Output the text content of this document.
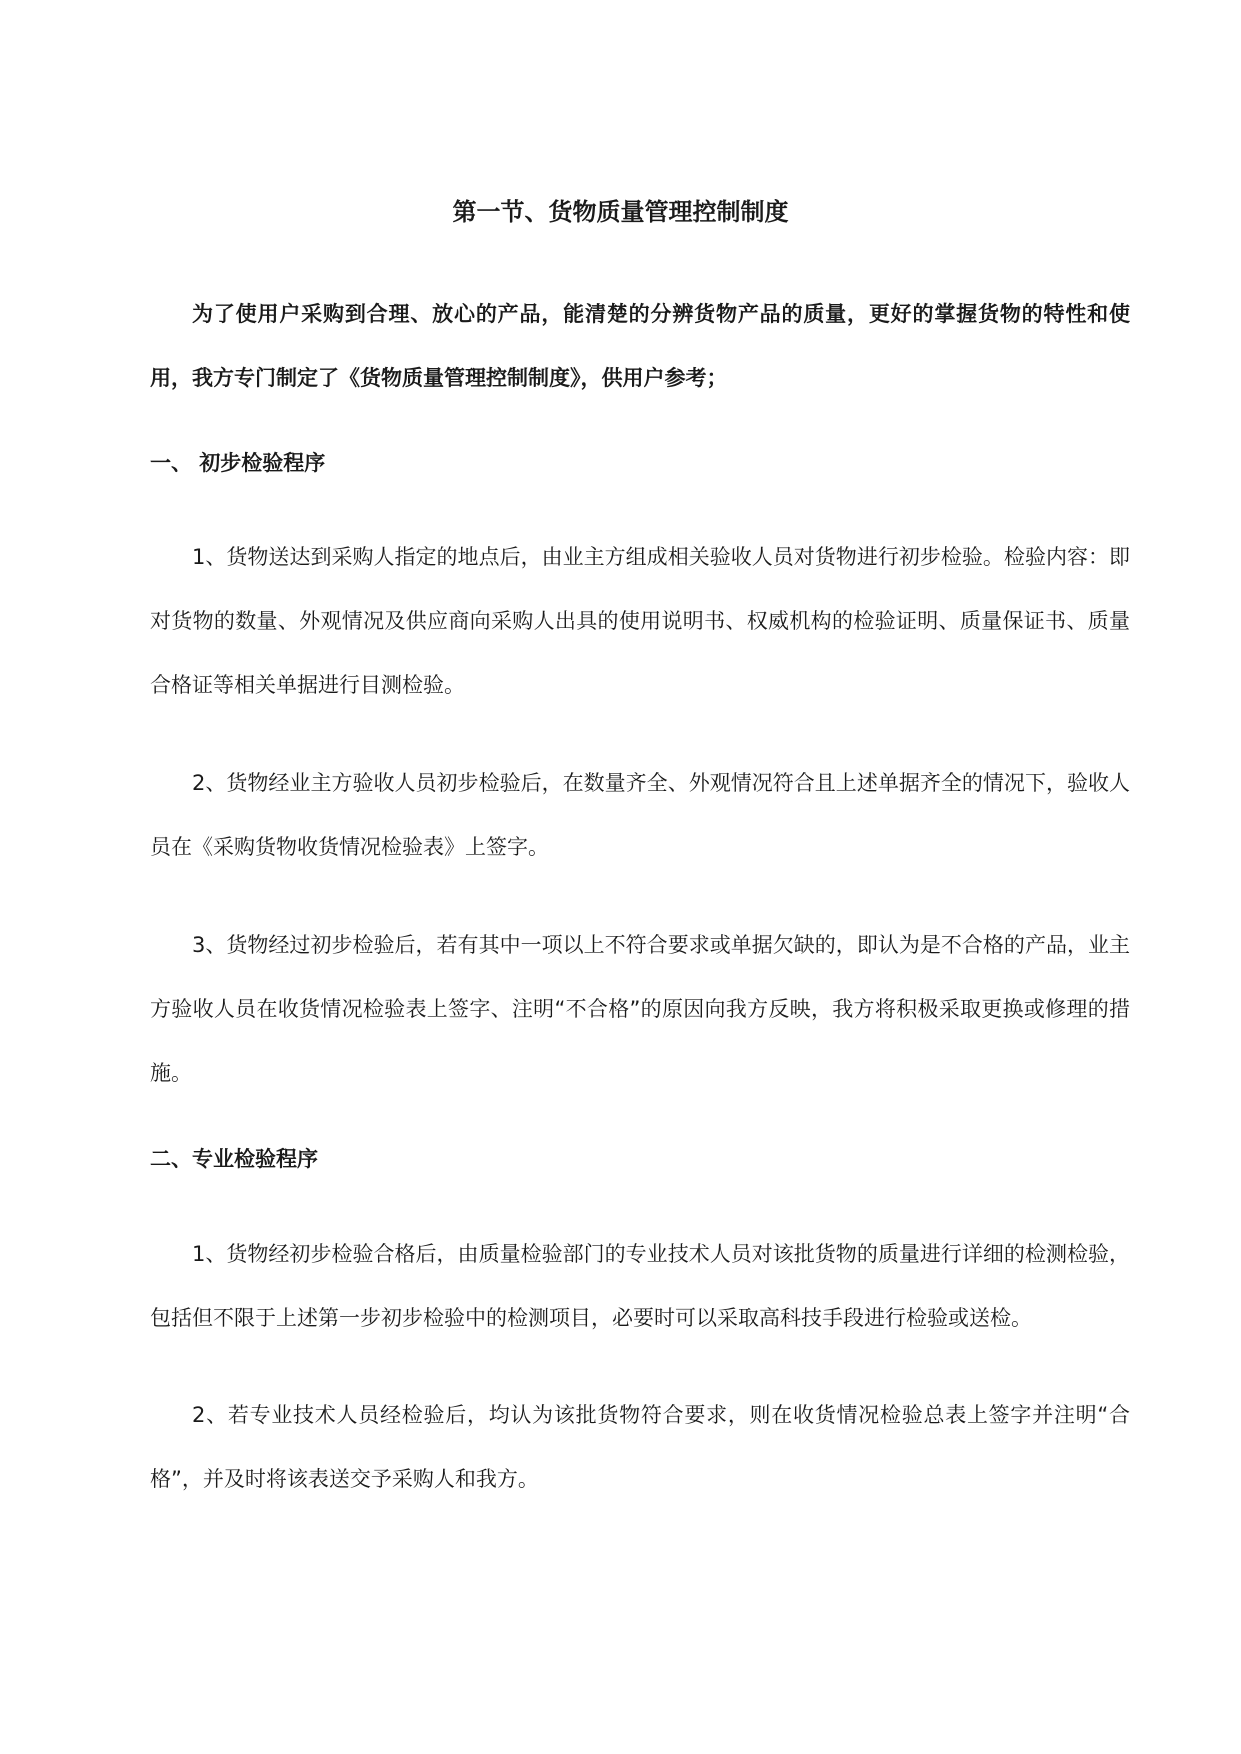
第一节、货物质量管理控制制度
为了使用户采购到合理、放心的产品，能清楚的分辨货物产品的质量，更好的掌握货物的特性和使用，我方专门制定了《货物质量管理控制制度》，供用户参考；
一、 初步检验程序
1、货物送达到采购人指定的地点后，由业主方组成相关验收人员对货物进行初步检验。检验内容：即对货物的数量、外观情况及供应商向采购人出具的使用说明书、权威机构的检验证明、质量保证书、质量合格证等相关单据进行目测检验。
2、货物经业主方验收人员初步检验后，在数量齐全、外观情况符合且上述单据齐全的情况下，验收人员在《采购货物收货情况检验表》上签字。
3、货物经过初步检验后，若有其中一项以上不符合要求或单据欠缺的，即认为是不合格的产品，业主方验收人员在收货情况检验表上签字、注明“不合格”的原因向我方反映，我方将积极采取更换或修理的措施。
二、专业检验程序
1、货物经初步检验合格后，由质量检验部门的专业技术人员对该批货物的质量进行详细的检测检验，包括但不限于上述第一步初步检验中的检测项目，必要时可以采取高科技手段进行检验或送检。
2、若专业技术人员经检验后，均认为该批货物符合要求，则在收货情况检验总表上签字并注明“合格”，并及时将该表送交予采购人和我方。
